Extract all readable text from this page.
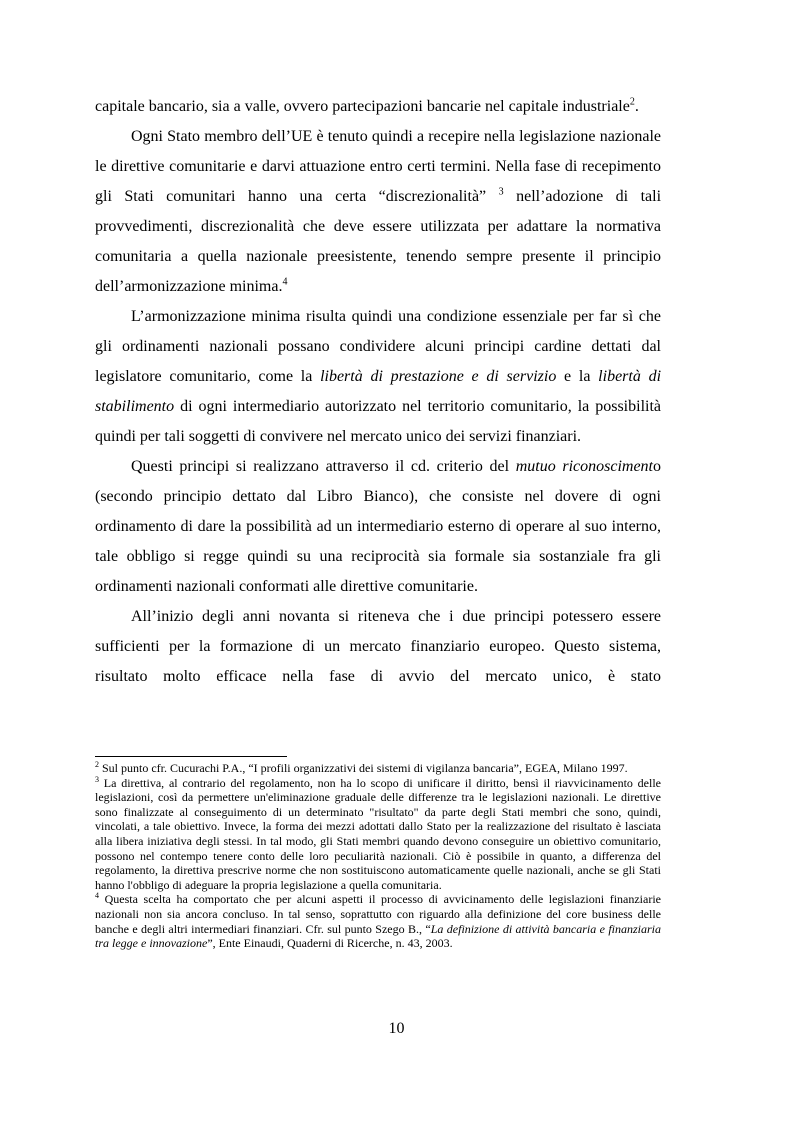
capitale bancario, sia a valle, ovvero partecipazioni bancarie nel capitale industriale$^2$.

Ogni Stato membro dell’UE è tenuto quindi a recepire nella legislazione nazionale le direttive comunitarie e darvi attuazione entro certi termini. Nella fase di recepimento gli Stati comunitari hanno una certa “discrezionalità” $^3$ nell’adozione di tali provvedimenti, discrezionalità che deve essere utilizzata per adattare la normativa comunitaria a quella nazionale preesistente, tenendo sempre presente il principio dell’armonizzazione minima.$^4$

L’armonizzazione minima risulta quindi una condizione essenziale per far sì che gli ordinamenti nazionali possano condividere alcuni principi cardine dettati dal legislatore comunitario, come la libertà di prestazione e di servizio e la libertà di stabilimento di ogni intermediario autorizzato nel territorio comunitario, la possibilità quindi per tali soggetti di convivere nel mercato unico dei servizi finanziari.

Questi principi si realizzano attraverso il cd. criterio del mutuo riconoscimento (secondo principio dettato dal Libro Bianco), che consiste nel dovere di ogni ordinamento di dare la possibilità ad un intermediario esterno di operare al suo interno, tale obbligo si regge quindi su una reciprocità sia formale sia sostanziale fra gli ordinamenti nazionali conformati alle direttive comunitarie.

All’inizio degli anni novanta si riteneva che i due principi potessero essere sufficienti per la formazione di un mercato finanziario europeo. Questo sistema, risultato molto efficace nella fase di avvio del mercato unico, è stato

$^2$ Sul punto cfr. Cucurachi P.A., “I profili organizzativi dei sistemi di vigilanza bancaria”, EGEA, Milano 1997.

$^3$ La direttiva, al contrario del regolamento, non ha lo scopo di unificare il diritto, bensì il riavvicinamento delle legislazioni, così da permettere un'eliminazione graduale delle differenze tra le legislazioni nazionali. Le direttive sono finalizzate al conseguimento di un determinato "risultato" da parte degli Stati membri che sono, quindi, vincolati, a tale obiettivo. Invece, la forma dei mezzi adottati dallo Stato per la realizzazione del risultato è lasciata alla libera iniziativa degli stessi. In tal modo, gli Stati membri quando devono conseguire un obiettivo comunitario, possono nel contempo tenere conto delle loro peculiarità nazionali. Ciò è possibile in quanto, a differenza del regolamento, la direttiva prescrive norme che non sostituiscono automaticamente quelle nazionali, anche se gli Stati hanno l'obbligo di adeguare la propria legislazione a quella comunitaria.

$^4$ Questa scelta ha comportato che per alcuni aspetti il processo di avvicinamento delle legislazioni finanziarie nazionali non sia ancora concluso. In tal senso, soprattutto con riguardo alla definizione del core business delle banche e degli altri intermediari finanziari. Cfr. sul punto Szego B., “La definizione di attività bancaria e finanziaria tra legge e innovazione”, Ente Einaudi, Quaderni di Ricerche, n. 43, 2003.

10
